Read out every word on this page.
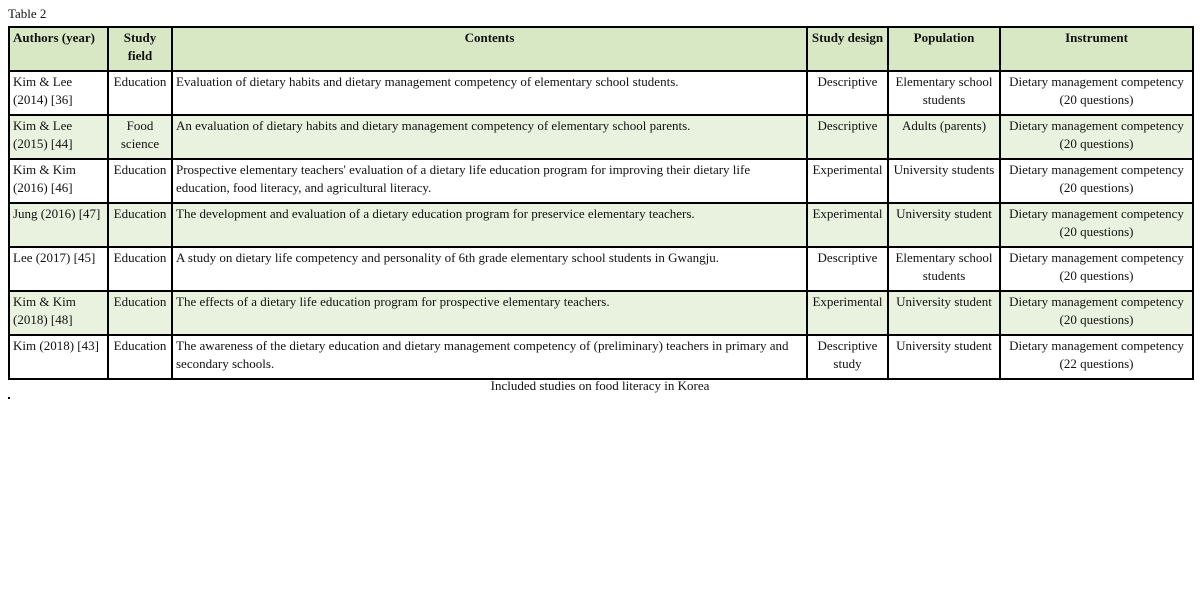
Table 2
Authors (year)	Study field	Contents	Study design	Population	Instrument
Kim & Lee (2014) [36]	Education	Evaluation of dietary habits and dietary management competency of elementary school students.	Descriptive	Elementary school students	Dietary management competency (20 questions)
Kim & Lee (2015) [44]	Food science	An evaluation of dietary habits and dietary management competency of elementary school parents.	Descriptive	Adults (parents)	Dietary management competency (20 questions)
Kim & Kim (2016) [46]	Education	Prospective elementary teachers' evaluation of a dietary life education program for improving their dietary life education, food literacy, and agricultural literacy.	Experimental	University students	Dietary management competency (20 questions)
Jung (2016) [47]	Education	The development and evaluation of a dietary education program for preservice elementary teachers.	Experimental	University student	Dietary management competency (20 questions)
Lee (2017) [45]	Education	A study on dietary life competency and personality of 6th grade elementary school students in Gwangju.	Descriptive	Elementary school students	Dietary management competency (20 questions)
Kim & Kim (2018) [48]	Education	The effects of a dietary life education program for prospective elementary teachers.	Experimental	University student	Dietary management competency (20 questions)
Kim (2018) [43]	Education	The awareness of the dietary education and dietary management competency of (preliminary) teachers in primary and secondary schools.	Descriptive study	University student	Dietary management competency (22 questions)
Included studies on food literacy in Korea
